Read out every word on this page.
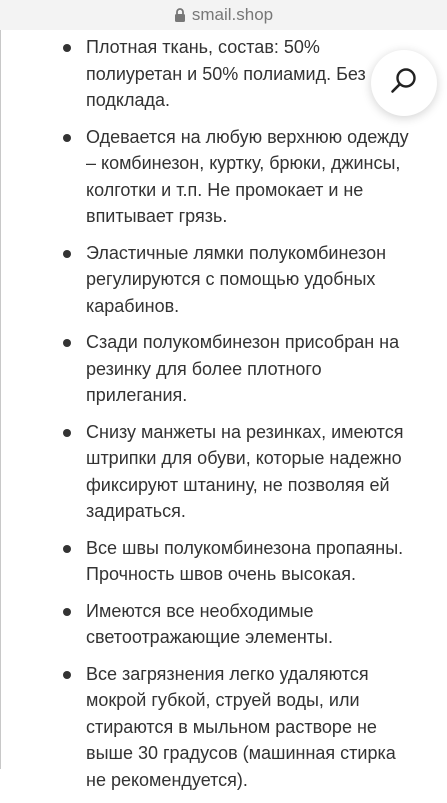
smail.shop
Плотная ткань, состав: 50% полиуретан и 50% полиамид. Без подклада.
Одевается на любую верхнюю одежду – комбинезон, куртку, брюки, джинсы, колготки и т.п. Не промокает и не впитывает грязь.
Эластичные лямки полукомбинезон регулируются с помощью удобных карабинов.
Сзади полукомбинезон присобран на резинку для более плотного прилегания.
Снизу манжеты на резинках, имеются штрипки для обуви, которые надежно фиксируют штанину, не позволяя ей задираться.
Все швы полукомбинезона пропаяны. Прочность швов очень высокая.
Имеются все необходимые светоотражающие элементы.
Все загрязнения легко удаляются мокрой губкой, струей воды, или стираются в мыльном растворе не выше 30 градусов (машинная стирка не рекомендуется).
